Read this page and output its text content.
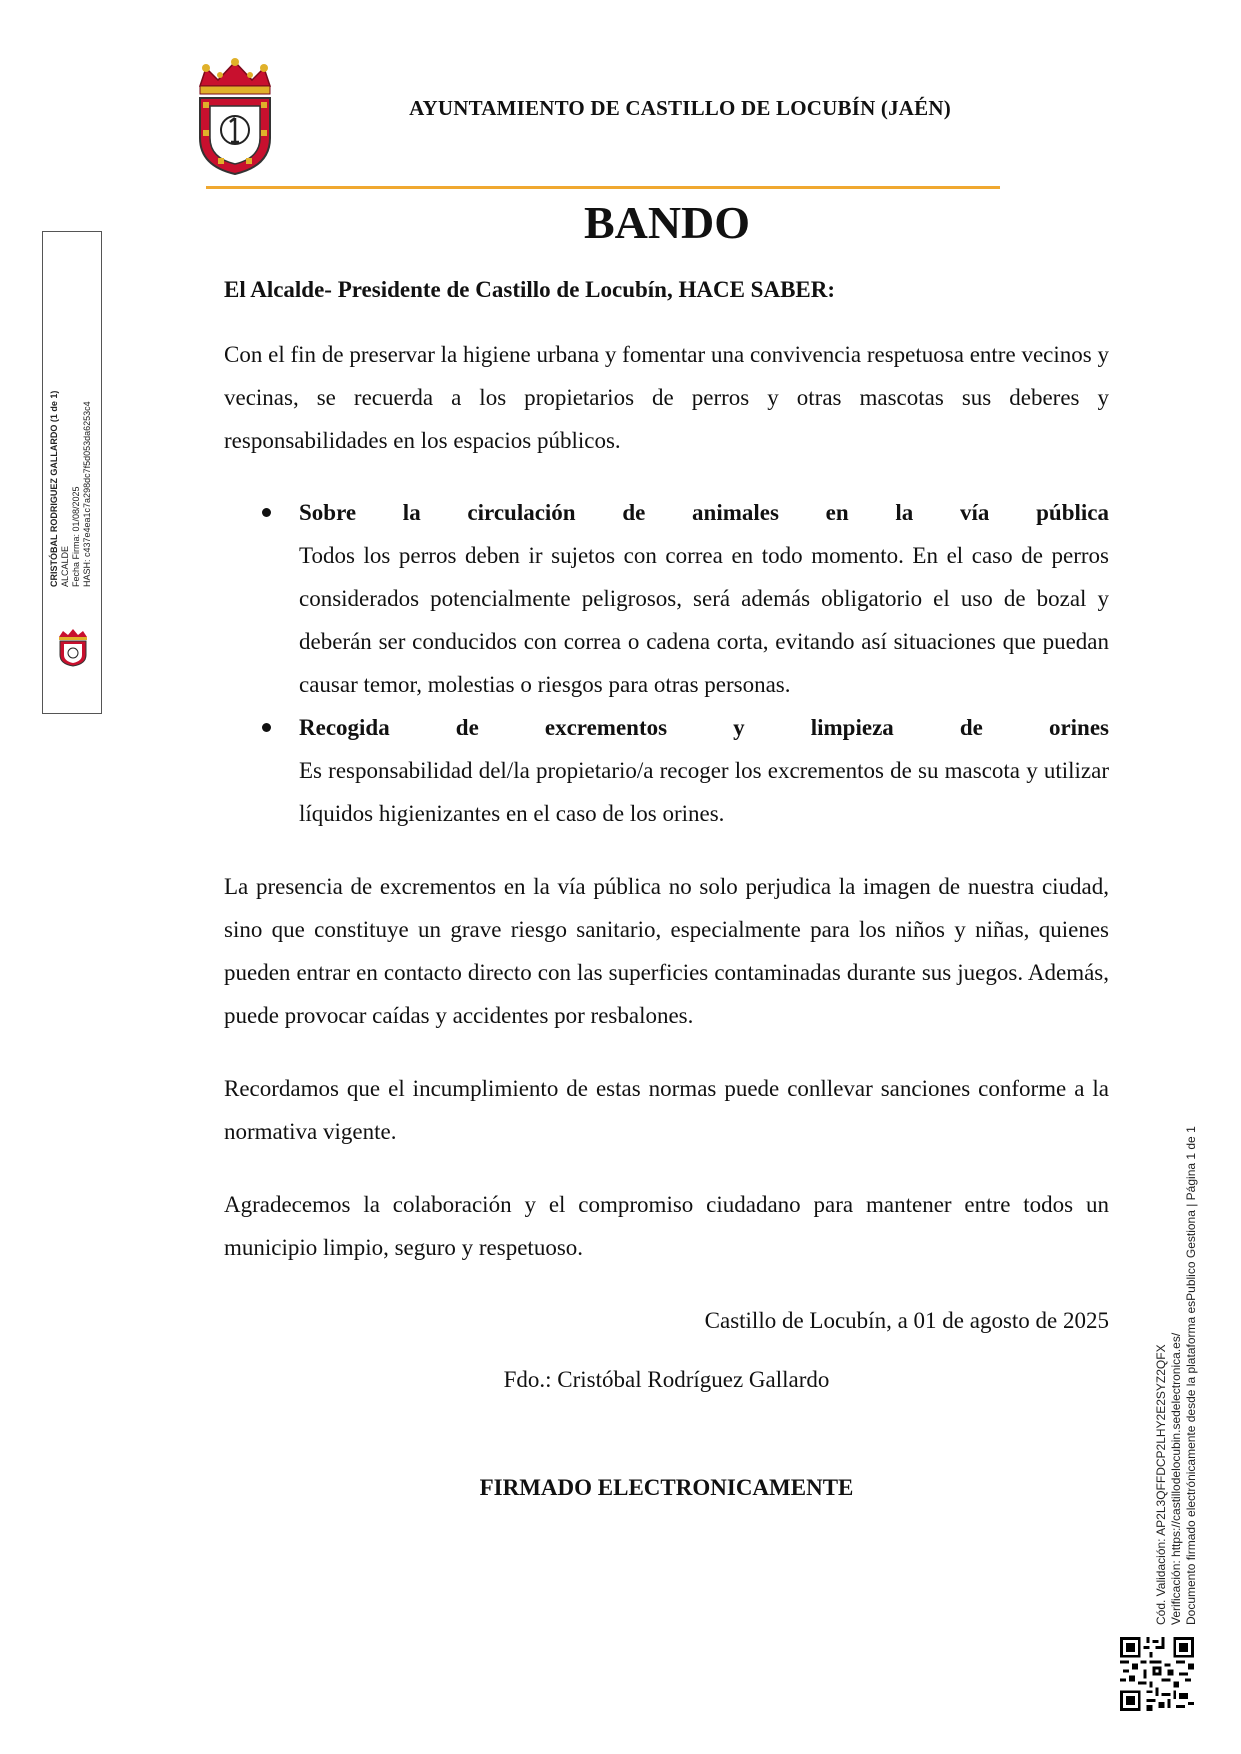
AYUNTAMIENTO DE CASTILLO DE LOCUBÍN (JAÉN)
BANDO

El Alcalde- Presidente de Castillo de Locubín, HACE SABER:

Con el fin de preservar la higiene urbana y fomentar una convivencia respetuosa entre vecinos y vecinas, se recuerda a los propietarios de perros y otras mascotas sus deberes y responsabilidades en los espacios públicos.

Sobre la circulación de animales en la vía pública
Todos los perros deben ir sujetos con correa en todo momento. En el caso de perros considerados potencialmente peligrosos, será además obligatorio el uso de bozal y deberán ser conducidos con correa o cadena corta, evitando así situaciones que puedan causar temor, molestias o riesgos para otras personas.
Recogida de excrementos y limpieza de orines
Es responsabilidad del/la propietario/a recoger los excrementos de su mascota y utilizar líquidos higienizantes en el caso de los orines.

La presencia de excrementos en la vía pública no solo perjudica la imagen de nuestra ciudad, sino que constituye un grave riesgo sanitario, especialmente para los niños y niñas, quienes pueden entrar en contacto directo con las superficies contaminadas durante sus juegos. Además, puede provocar caídas y accidentes por resbalones.

Recordamos que el incumplimiento de estas normas puede conllevar sanciones conforme a la normativa vigente.

Agradecemos la colaboración y el compromiso ciudadano para mantener entre todos un municipio limpio, seguro y respetuoso.

Castillo de Locubín, a 01 de agosto de 2025

Fdo.: Cristóbal Rodríguez Gallardo

FIRMADO ELECTRONICAMENTE

CRISTÓBAL RODRIGUEZ GALLARDO (1 de 1) ALCALDE Fecha Firma: 01/08/2025 HASH: c437e4ea1c7a298dc7f5d053da6253c4
Cód. Validación: AP2L3QFFDCP2LHY2E2SYZ2QFX Verificación: https://castillodelocubin.sedelectronica.es/ Documento firmado electrónicamente desde la plataforma esPublico Gestiona | Página 1 de 1
